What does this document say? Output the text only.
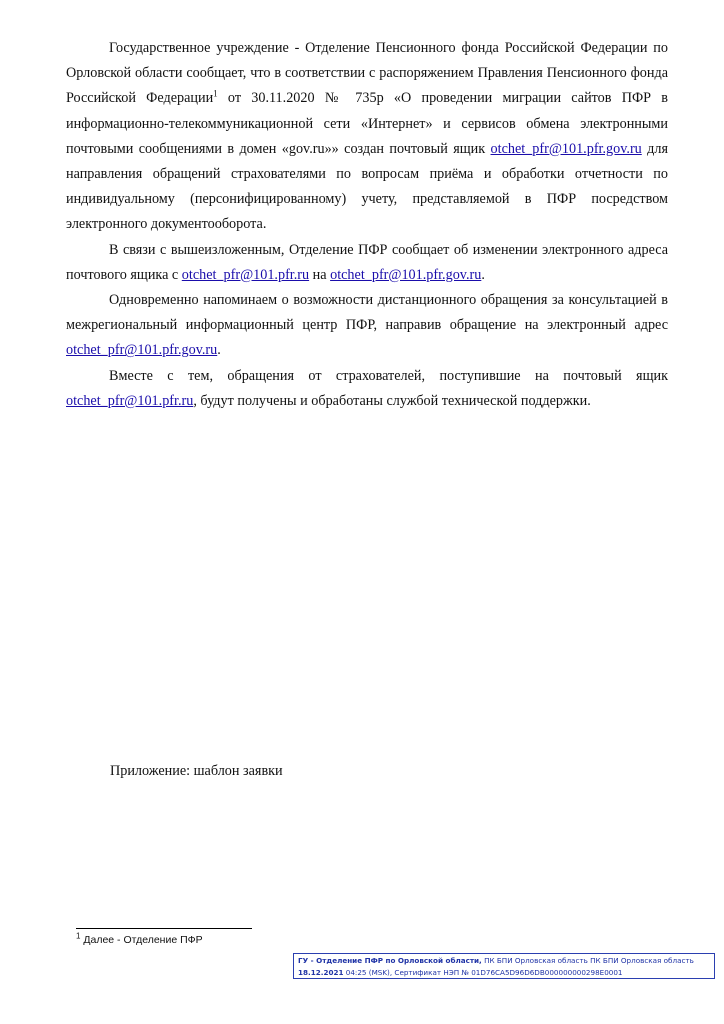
Государственное учреждение - Отделение Пенсионного фонда Российской Федерации по Орловской области сообщает, что в соответствии с распоряжением Правления Пенсионного фонда Российской Федерации$^1$ от 30.11.2020 № 735р «О проведении миграции сайтов ПФР в информационно-телекоммуникационной сети «Интернет» и сервисов обмена электронными почтовыми сообщениями в домен «gov.ru»» создан почтовый ящик otchet_pfr@101.pfr.gov.ru для направления обращений страхователями по вопросам приёма и обработки отчетности по индивидуальному (персонифицированному) учету, представляемой в ПФР посредством электронного документооборота.

В связи с вышеизложенным, Отделение ПФР сообщает об изменении электронного адреса почтового ящика с otchet_pfr@101.pfr.ru на otchet_pfr@101.pfr.gov.ru.

Одновременно напоминаем о возможности дистанционного обращения за консультацией в межрегиональный информационный центр ПФР, направив обращение на электронный адрес otchet_pfr@101.pfr.gov.ru.

Вместе с тем, обращения от страхователей, поступившие на почтовый ящик otchet_pfr@101.pfr.ru, будут получены и обработаны службой технической поддержки.

Приложение: шаблон заявки

$^1$ Далее - Отделение ПФР

ГУ - Отделение ПФР по Орловской области, ПК БПИ Орловская область ПК БПИ Орловская область
18.12.2021 04:25 (MSK), Сертификат НЭП № 01D76CA5D96D6DB000000000298E0001
